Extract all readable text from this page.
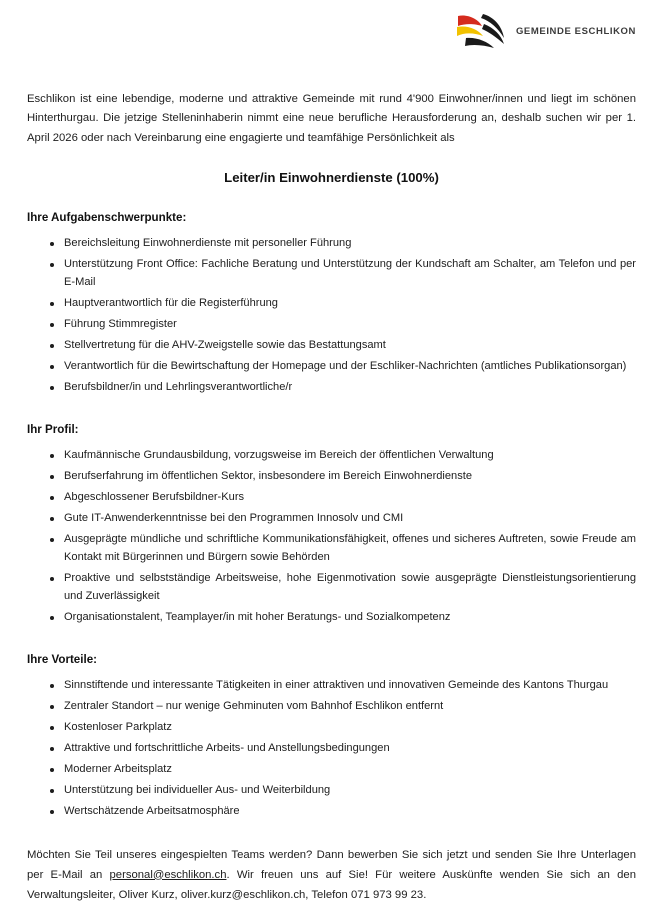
GEMEINDE ESCHLIKON

Eschlikon ist eine lebendige, moderne und attraktive Gemeinde mit rund 4'900 Einwohner/innen und liegt im schönen Hinterthurgau. Die jetzige Stelleninhaberin nimmt eine neue berufliche Herausforderung an, deshalb suchen wir per 1. April 2026 oder nach Vereinbarung eine engagierte und teamfähige Persönlichkeit als

Leiter/in Einwohnerdienste (100%)
Ihre Aufgabenschwerpunkte:
Bereichsleitung Einwohnerdienste mit personeller Führung
Unterstützung Front Office: Fachliche Beratung und Unterstützung der Kundschaft am Schalter, am Telefon und per E-Mail
Hauptverantwortlich für die Registerführung
Führung Stimmregister
Stellvertretung für die AHV-Zweigstelle sowie das Bestattungsamt
Verantwortlich für die Bewirtschaftung der Homepage und der Eschliker-Nachrichten (amtliches Publikationsorgan)
Berufsbildner/in und Lehrlingsverantwortliche/r
Ihr Profil:
Kaufmännische Grundausbildung, vorzugsweise im Bereich der öffentlichen Verwaltung
Berufserfahrung im öffentlichen Sektor, insbesondere im Bereich Einwohnerdienste
Abgeschlossener Berufsbildner-Kurs
Gute IT-Anwenderkenntnisse bei den Programmen Innosolv und CMI
Ausgeprägte mündliche und schriftliche Kommunikationsfähigkeit, offenes und sicheres Auftreten, sowie Freude am Kontakt mit Bürgerinnen und Bürgern sowie Behörden
Proaktive und selbstständige Arbeitsweise, hohe Eigenmotivation sowie ausgeprägte Dienstleistungsorientierung und Zuverlässigkeit
Organisationstalent, Teamplayer/in mit hoher Beratungs- und Sozialkompetenz
Ihre Vorteile:
Sinnstiftende und interessante Tätigkeiten in einer attraktiven und innovativen Gemeinde des Kantons Thurgau
Zentraler Standort – nur wenige Gehminuten vom Bahnhof Eschlikon entfernt
Kostenloser Parkplatz
Attraktive und fortschrittliche Arbeits- und Anstellungsbedingungen
Moderner Arbeitsplatz
Unterstützung bei individueller Aus- und Weiterbildung
Wertschätzende Arbeitsatmosphäre

Möchten Sie Teil unseres eingespielten Teams werden? Dann bewerben Sie sich jetzt und senden Sie Ihre Unterlagen per E-Mail an personal@eschlikon.ch. Wir freuen uns auf Sie! Für weitere Auskünfte wenden Sie sich an den Verwaltungsleiter, Oliver Kurz, oliver.kurz@eschlikon.ch, Telefon 071 973 99 23.
